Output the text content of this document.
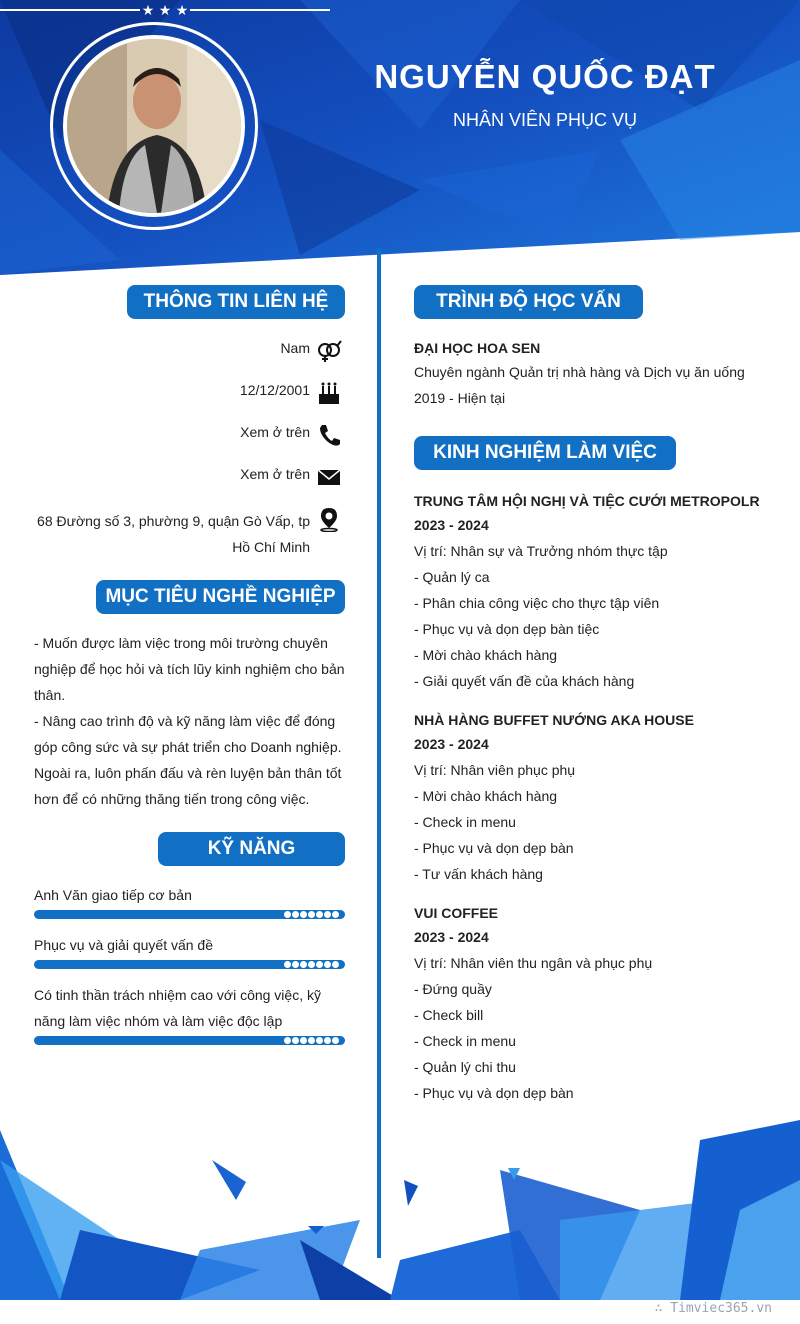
NGUYỄN QUỐC ĐẠT
NHÂN VIÊN PHỤC VỤ
★ ★ ★
THÔNG TIN LIÊN HỆ
Nam
12/12/2001
Xem ở trên
Xem ở trên
68 Đường số 3, phường 9, quận Gò Vấp, tp
Hồ Chí Minh
MỤC TIÊU NGHỀ NGHIỆP
- Muốn được làm việc trong môi trường chuyên
nghiệp để học hỏi và tích lũy kinh nghiệm cho bản
thân.
- Nâng cao trình độ và kỹ năng làm việc để đóng
góp công sức và sự phát triển cho Doanh nghiệp.
Ngoài ra, luôn phấn đấu và rèn luyện bản thân tốt
hơn để có những thăng tiến trong công việc.
KỸ NĂNG
Anh Văn giao tiếp cơ bản
Phục vụ và giải quyết vấn đề
Có tinh thần trách nhiệm cao với công việc, kỹ
năng làm việc nhóm và làm việc độc lập
TRÌNH ĐỘ HỌC VẤN
ĐẠI HỌC HOA SEN
Chuyên ngành Quản trị nhà hàng và Dịch vụ ăn uống
2019 - Hiện tại
KINH NGHIỆM LÀM VIỆC
TRUNG TÂM HỘI NGHỊ VÀ TIỆC CƯỚI METROPOLR
2023 - 2024
Vị trí: Nhân sự và Trưởng nhóm thực tập
- Quản lý ca
- Phân chia công việc cho thực tập viên
- Phục vụ và dọn dẹp bàn tiệc
- Mời chào khách hàng
- Giải quyết vấn đề của khách hàng
NHÀ HÀNG BUFFET NƯỚNG AKA HOUSE
2023 - 2024
Vị trí: Nhân viên phục phụ
- Mời chào khách hàng
- Check in menu
- Phục vụ và dọn dẹp bàn
- Tư vấn khách hàng
VUI COFFEE
2023 - 2024
Vị trí: Nhân viên thu ngân và phục phụ
- Đứng quầy
- Check bill
- Check in menu
- Quản lý chi thu
- Phục vụ và dọn dẹp bàn
∴ Timviec365.vn
